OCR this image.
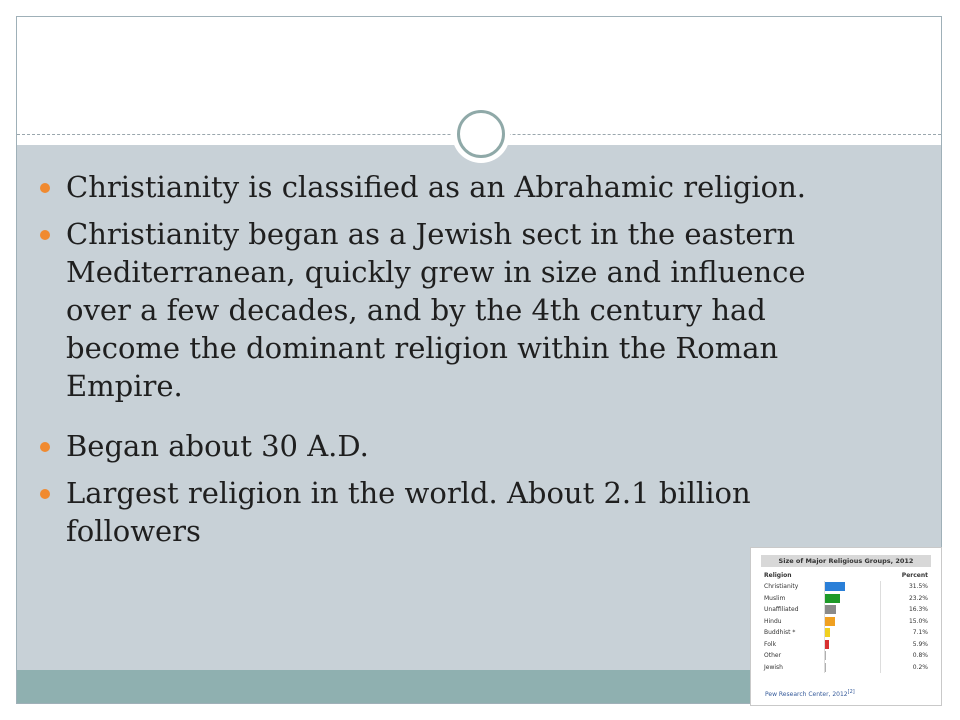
Christianity is classified as an Abrahamic religion.
Christianity began as a Jewish sect in the eastern Mediterranean, quickly grew in size and influence over a few decades, and by the 4th century had become the dominant religion within the Roman Empire.
Began about 30 A.D.
Largest religion in the world. About 2.1 billion followers
Size of Major Religious Groups, 2012
Religion		Percent
Christianity		31.5%
Muslim		23.2%
Unaffiliated		16.3%
Hindu		15.0%
Buddhist *		7.1%
Folk		5.9%
Other		0.8%
Jewish		0.2%
Pew Research Center, 2012[2]
